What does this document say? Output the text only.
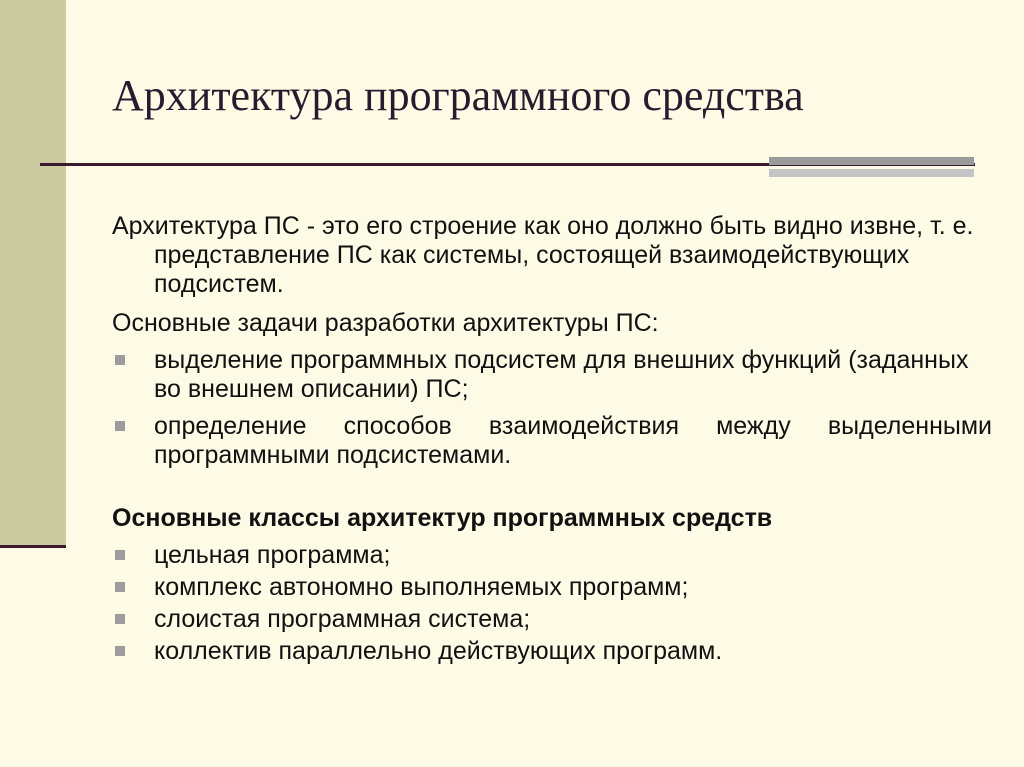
Архитектура программного средства

Архитектура ПС - это его строение как оно должно быть видно извне, т. е. представление ПС как системы, состоящей взаимодействующих подсистем.

Основные задачи разработки архитектуры ПС:

выделение программных подсистем для внешних функций (заданных во внешнем описании) ПС;
определение способов взаимодействия между выделенными программными подсистемами.

Основные классы архитектур программных средств

цельная программа;
комплекс автономно выполняемых программ;
слоистая программная система;
коллектив параллельно действующих программ.
